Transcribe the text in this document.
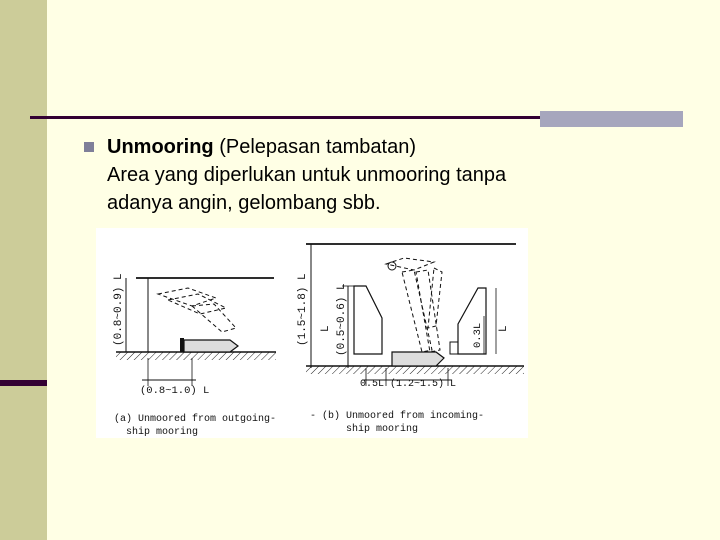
Unmooring (Pelepasan tambatan)
Area yang diperlukan untuk unmooring tanpa
adanya angin, gelombang sbb.
(0.8~0.9) L
(0.8~1.0) L
(a) Unmoored from outgoing-
ship mooring
(1.5~1.8) L (0.5~0.6) L
L	0.3L L
0.5L (1.2~1.5) L
- (b) Unmoored from incoming-
ship mooring
